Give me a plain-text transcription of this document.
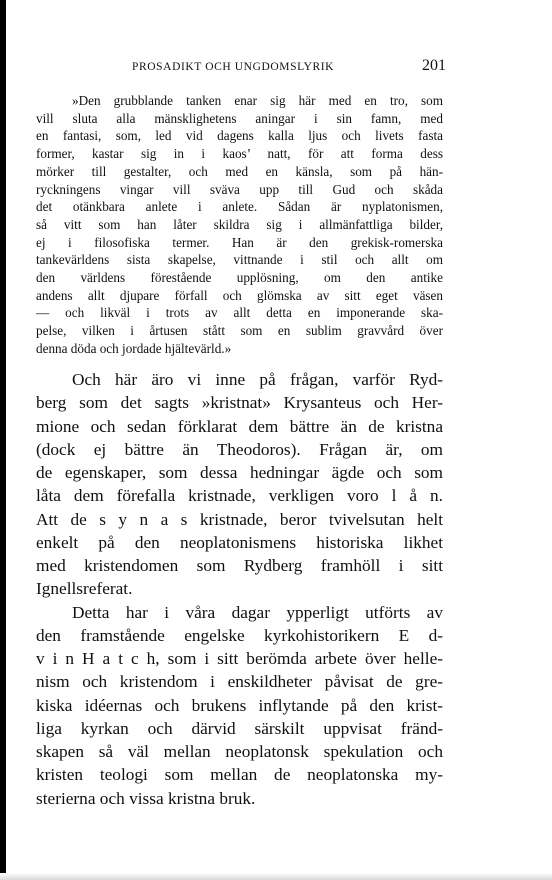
PROSADIKT OCH UNGDOMSLYRIK	201
»Den grubblande tanken enar sig här med en tro, som
vill sluta alla mänsklighetens aningar i sin famn, med
en fantasi, som, led vid dagens kalla ljus och livets fasta
former, kastar sig in i kaos’ natt, för att forma dess
mörker till gestalter, och med en känsla, som på hän-
ryckningens vingar vill sväva upp till Gud och skåda
det otänkbara anlete i anlete. Sådan är nyplatonismen,
så vitt som han låter skildra sig i allmänfattliga bilder,
ej i filosofiska termer. Han är den grekisk-romerska
tankevärldens sista skapelse, vittnande i stil och allt om
den världens förestående upplösning, om den antike
andens allt djupare förfall och glömska av sitt eget väsen
— och likväl i trots av allt detta en imponerande ska-
pelse, vilken i årtusen stått som en sublim gravvård över
denna döda och jordade hjältevärld.»
Och här äro vi inne på frågan, varför Ryd-
berg som det sagts »kristnat» Krysanteus och Her-
mione och sedan förklarat dem bättre än de kristna
(dock ej bättre än Theodoros). Frågan är, om
de egenskaper, som dessa hedningar ägde och som
låta dem förefalla kristnade, verkligen voro l å n.
Att de s y n a s kristnade, beror tvivelsutan helt
enkelt på den neoplatonismens historiska likhet
med kristendomen som Rydberg framhöll i sitt
Ignellsreferat.
Detta har i våra dagar ypperligt utförts av
den framstående engelske kyrkohistorikern E d-
v i n H a t c h, som i sitt berömda arbete över helle-
nism och kristendom i enskildheter påvisat de gre-
kiska idéernas och brukens inflytande på den krist-
liga kyrkan och därvid särskilt uppvisat fränd-
skapen så väl mellan neoplatonsk spekulation och
kristen teologi som mellan de neoplatonska my-
sterierna och vissa kristna bruk.
